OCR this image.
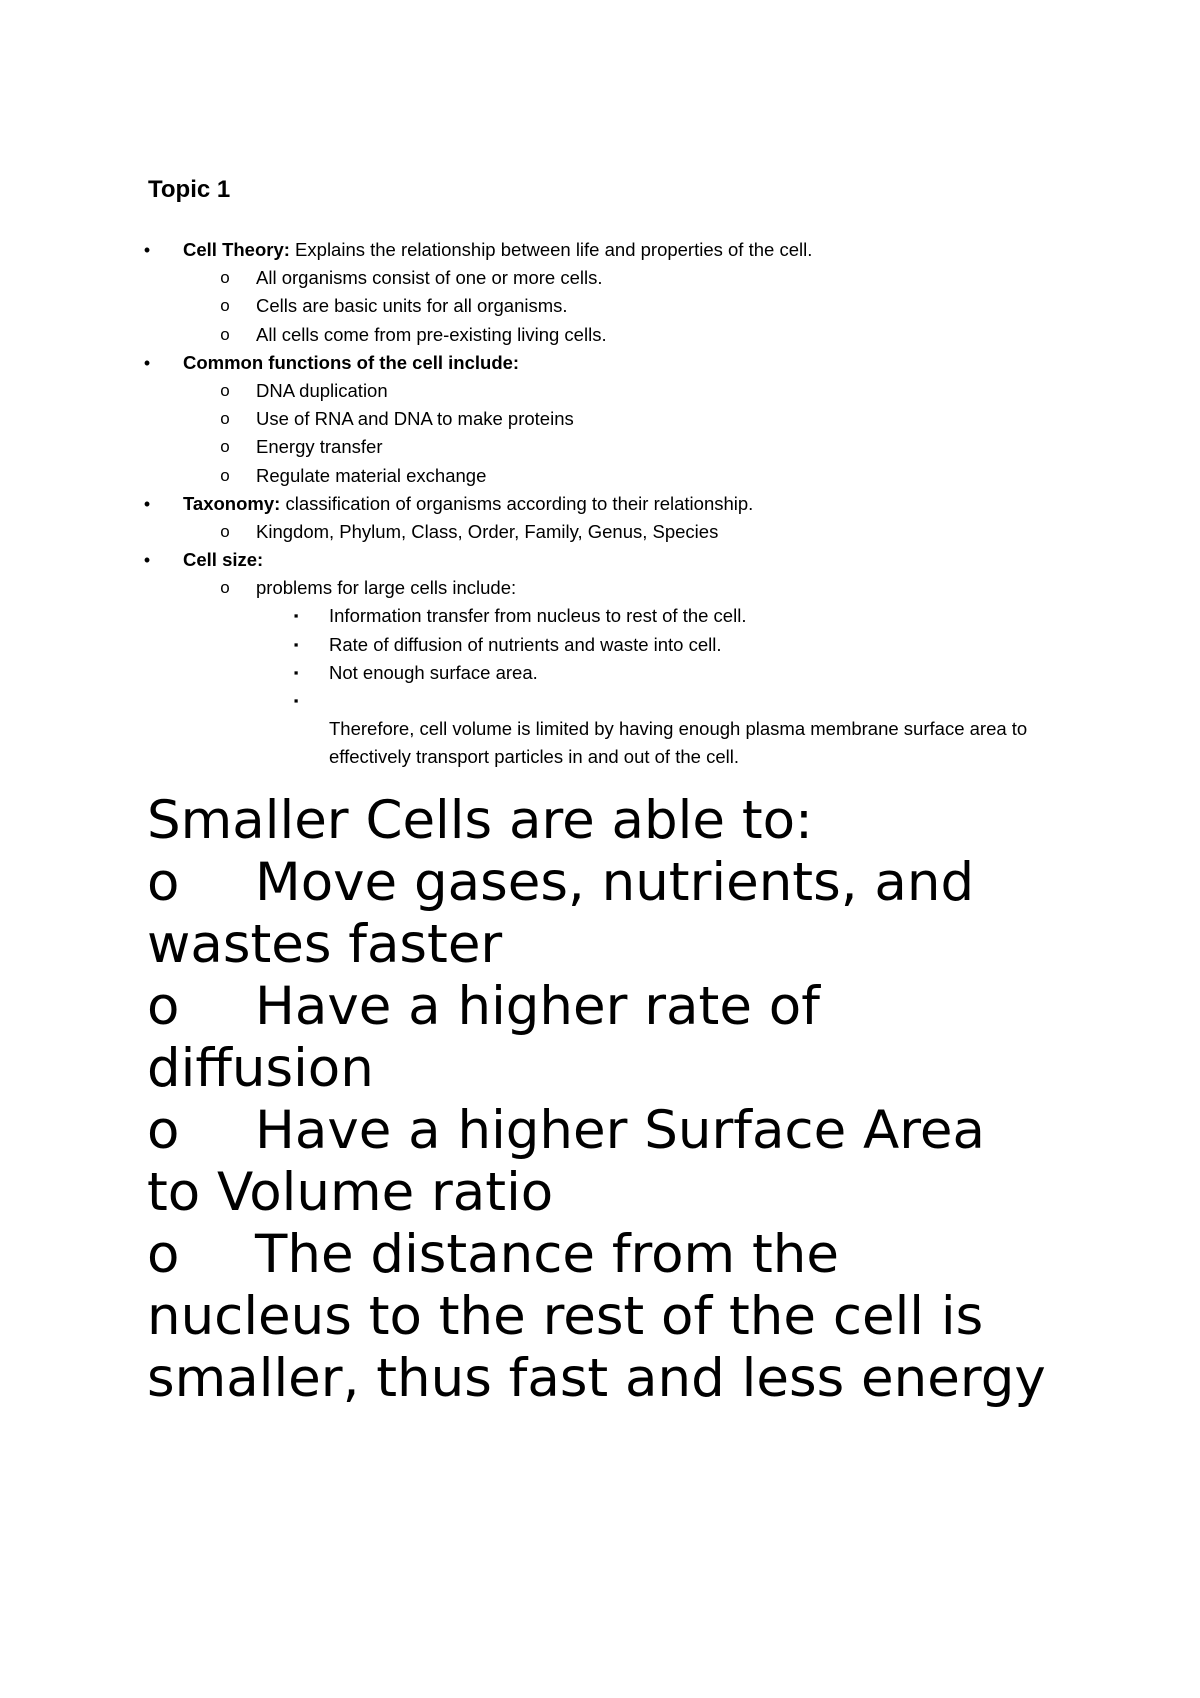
Topic 1
•	Cell Theory: Explains the relationship between life and properties of the cell.
o All organisms consist of one or more cells.
o Cells are basic units for all organisms.
o All cells come from pre-existing living cells.
•	Common functions of the cell include:
o DNA duplication
o Use of RNA and DNA to make proteins
o Energy transfer
o Regulate material exchange
•	Taxonomy: classification of organisms according to their relationship.
o Kingdom, Phylum, Class, Order, Family, Genus, Species
•	Cell size:
o problems for large cells include:
▪	Information transfer from nucleus to rest of the cell.
▪	Rate of diffusion of nutrients and waste into cell.
▪	Not enough surface area.
▪
Therefore, cell volume is limited by having enough plasma membrane surface area to effectively transport particles in and out of the cell.
Smaller Cells are able to:
o Move gases, nutrients, and wastes faster
o Have a higher rate of diffusion
o Have a higher Surface Area to Volume ratio
o The distance from the nucleus to the rest of the cell is smaller, thus fast and less energy
